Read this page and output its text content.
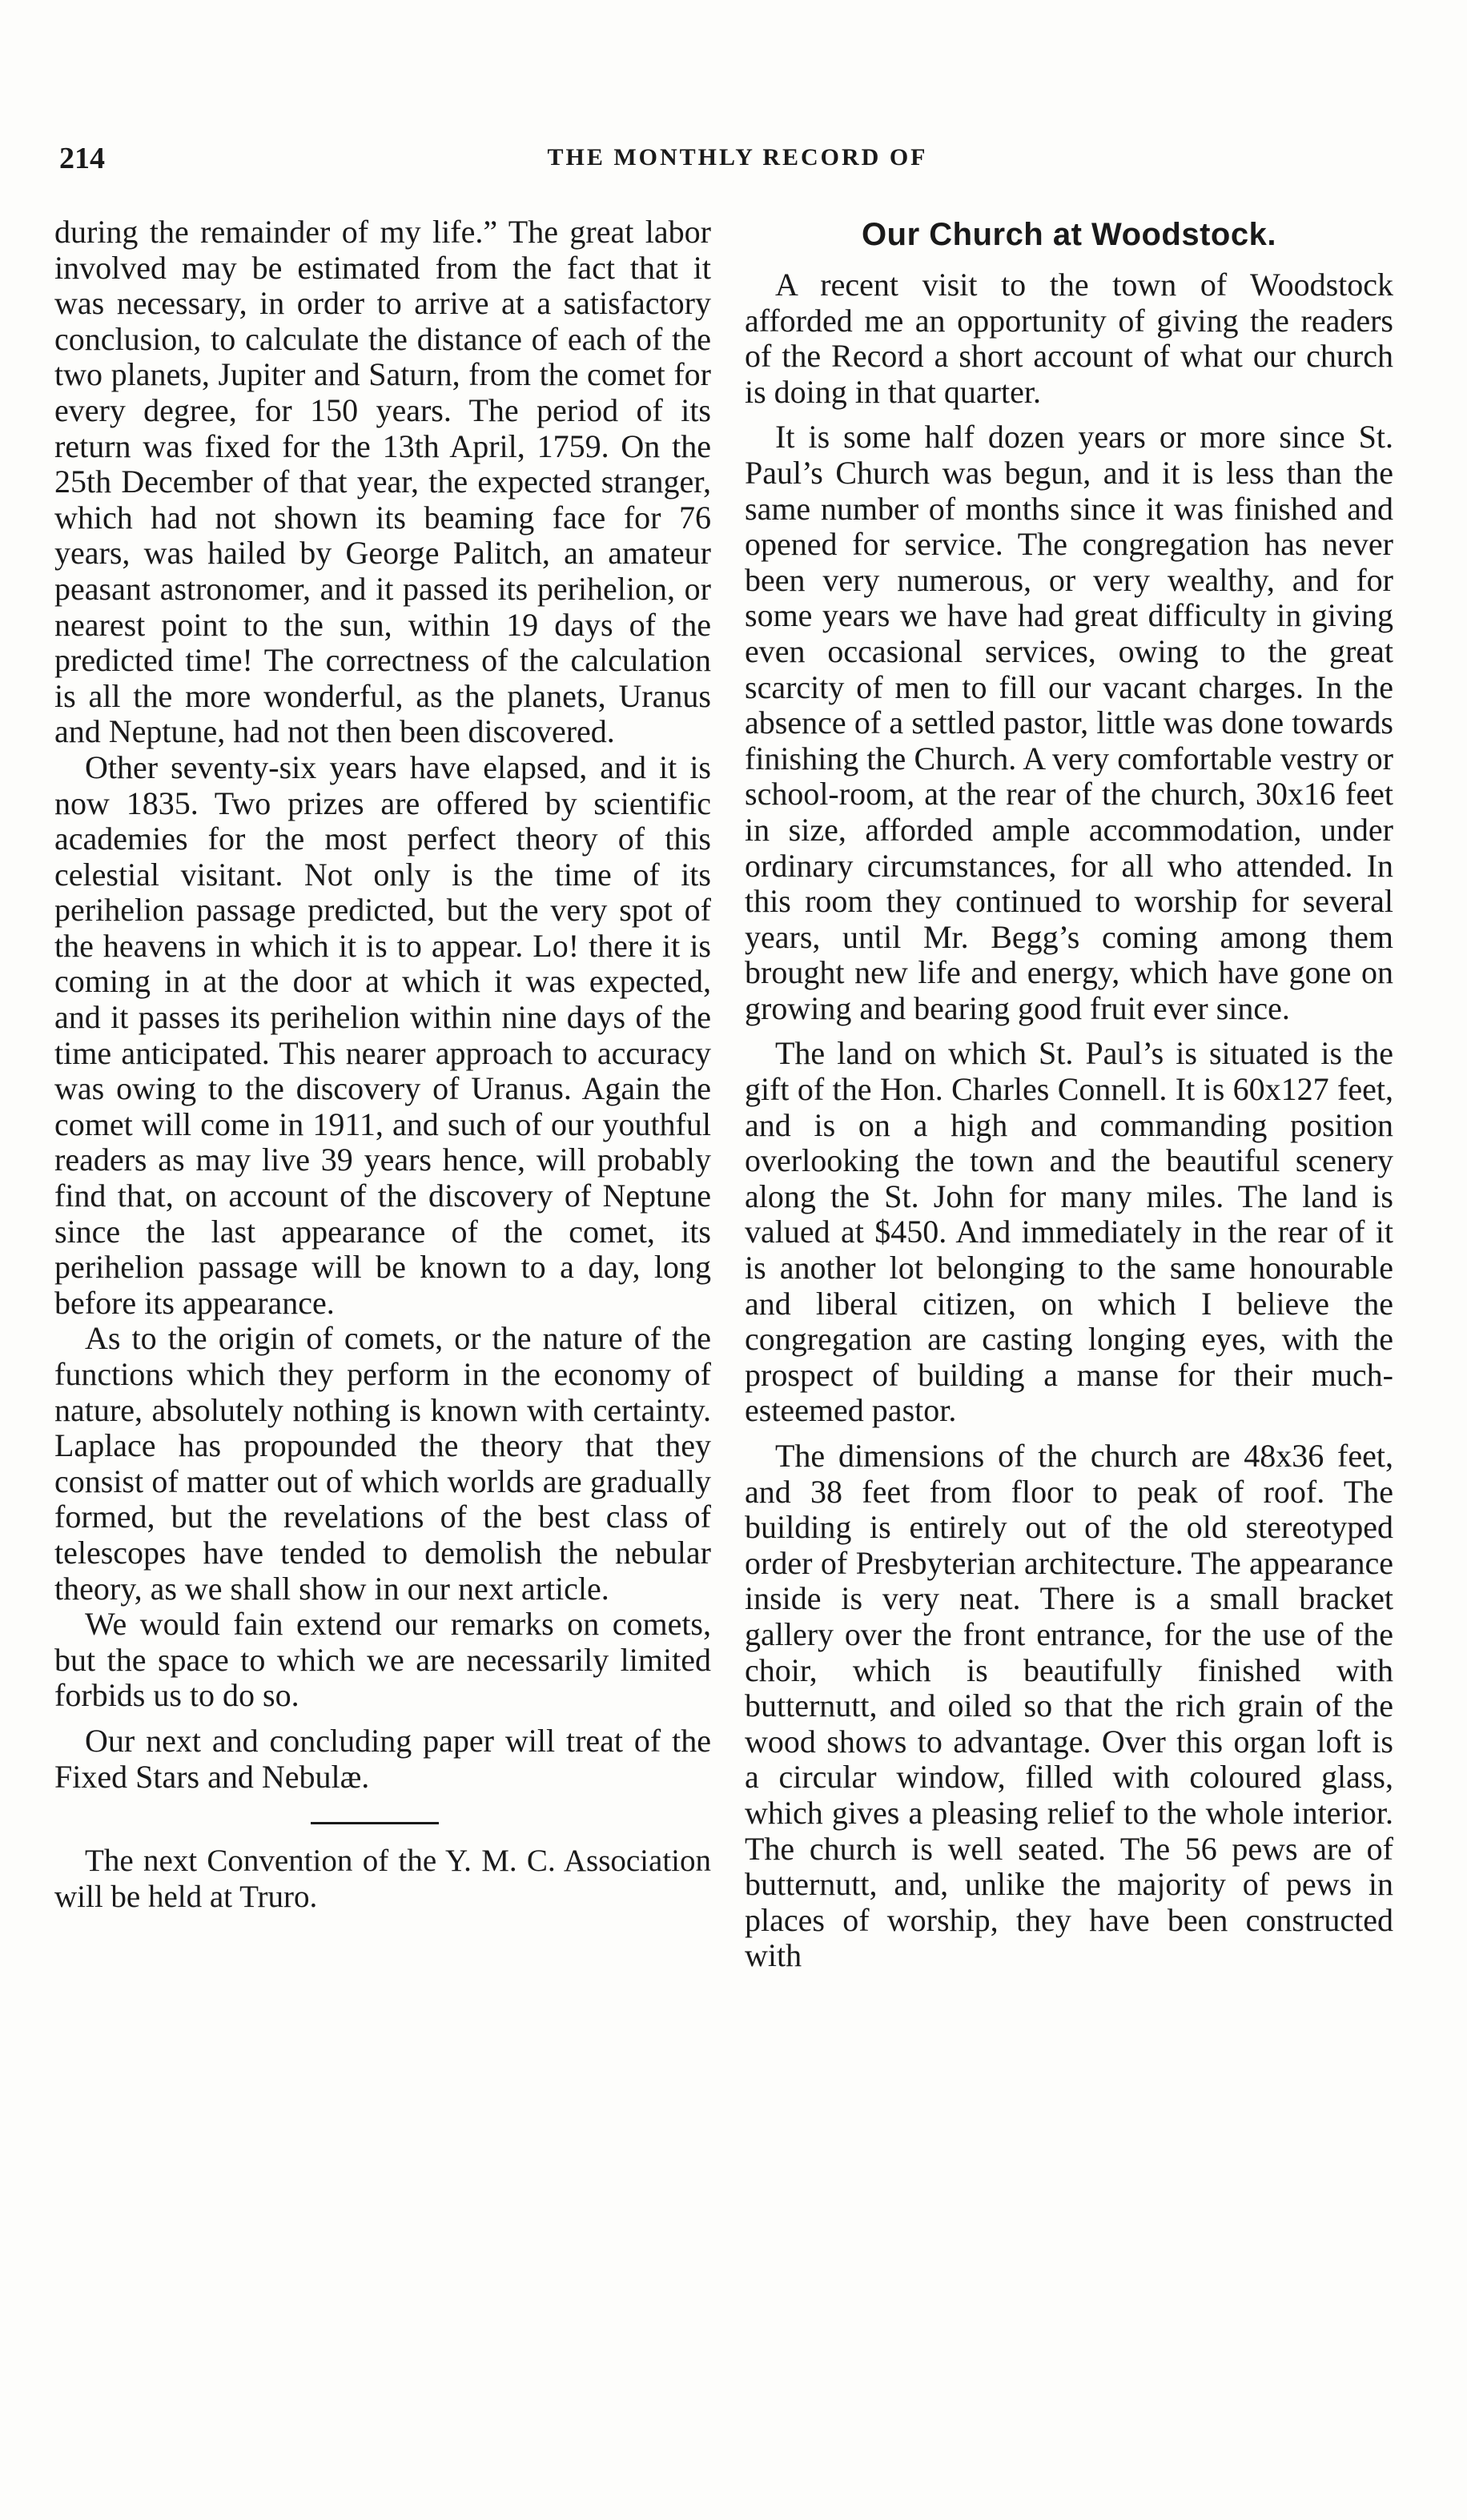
214	THE MONTHLY RECORD OF

during the remainder of my life.” The great labor involved may be estimated from the fact that it was necessary, in order to arrive at a satisfactory conclusion, to calculate the distance of each of the two planets, Jupiter and Saturn, from the comet for every degree, for 150 years. The period of its return was fixed for the 13th April, 1759. On the 25th December of that year, the expected stranger, which had not shown its beaming face for 76 years, was hailed by George Palitch, an amateur peasant astronomer, and it passed its perihelion, or nearest point to the sun, within 19 days of the predicted time! The correctness of the calculation is all the more wonderful, as the planets, Uranus and Neptune, had not then been discovered.

Other seventy-six years have elapsed, and it is now 1835. Two prizes are offered by scientific academies for the most perfect theory of this celestial visitant. Not only is the time of its perihelion passage predicted, but the very spot of the heavens in which it is to appear. Lo! there it is coming in at the door at which it was expected, and it passes its perihelion within nine days of the time anticipated. This nearer approach to accuracy was owing to the discovery of Uranus. Again the comet will come in 1911, and such of our youthful readers as may live 39 years hence, will probably find that, on account of the discovery of Neptune since the last appearance of the comet, its perihelion passage will be known to a day, long before its appearance.

As to the origin of comets, or the nature of the functions which they perform in the economy of nature, absolutely nothing is known with certainty. Laplace has propounded the theory that they consist of matter out of which worlds are gradually formed, but the revelations of the best class of telescopes have tended to demolish the nebular theory, as we shall show in our next article.

We would fain extend our remarks on comets, but the space to which we are necessarily limited forbids us to do so.

Our next and concluding paper will treat of the Fixed Stars and Nebulæ.

The next Convention of the Y. M. C. Association will be held at Truro.

Our Church at Woodstock.

A recent visit to the town of Woodstock afforded me an opportunity of giving the readers of the Record a short account of what our church is doing in that quarter.

It is some half dozen years or more since St. Paul’s Church was begun, and it is less than the same number of months since it was finished and opened for service. The congregation has never been very numerous, or very wealthy, and for some years we have had great difficulty in giving even occasional services, owing to the great scarcity of men to fill our vacant charges. In the absence of a settled pastor, little was done towards finishing the Church. A very comfortable vestry or school-room, at the rear of the church, 30x16 feet in size, afforded ample accommodation, under ordinary circumstances, for all who attended. In this room they continued to worship for several years, until Mr. Begg’s coming among them brought new life and energy, which have gone on growing and bearing good fruit ever since.

The land on which St. Paul’s is situated is the gift of the Hon. Charles Connell. It is 60x127 feet, and is on a high and commanding position overlooking the town and the beautiful scenery along the St. John for many miles. The land is valued at $450. And immediately in the rear of it is another lot belonging to the same honourable and liberal citizen, on which I believe the congregation are casting longing eyes, with the prospect of building a manse for their much-esteemed pastor.

The dimensions of the church are 48x36 feet, and 38 feet from floor to peak of roof. The building is entirely out of the old stereotyped order of Presbyterian architecture. The appearance inside is very neat. There is a small bracket gallery over the front entrance, for the use of the choir, which is beautifully finished with butternutt, and oiled so that the rich grain of the wood shows to advantage. Over this organ loft is a circular window, filled with coloured glass, which gives a pleasing relief to the whole interior. The church is well seated. The 56 pews are of butternutt, and, unlike the majority of pews in places of worship, they have been constructed with
